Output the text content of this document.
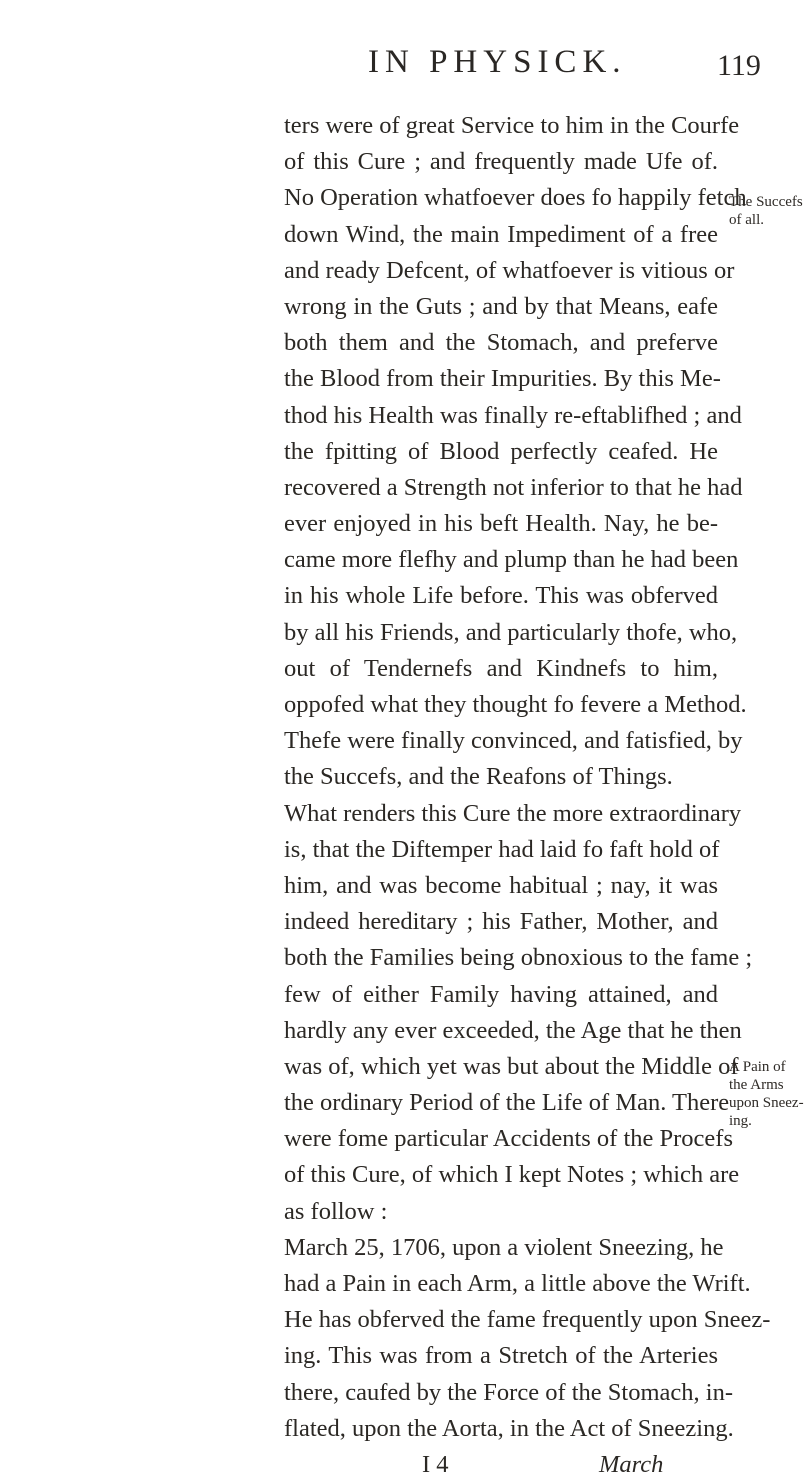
IN PHYSICK.	119
ters were of great Service to him in the Courfe
of this Cure ; and frequently made Ufe of.
No Operation whatfoever does fo happily fetch
down Wind, the main Impediment of a free
and ready Defcent, of whatfoever is vitious or
wrong in the Guts ; and by that Means, eafe
both them and the Stomach, and preferve
the Blood from their Impurities. By this Me-
thod his Health was finally re-eftablifhed ; and
the fpitting of Blood perfectly ceafed. He
recovered a Strength not inferior to that he had
ever enjoyed in his beft Health. Nay, he be-
came more flefhy and plump than he had been
in his whole Life before. This was obferved
by all his Friends, and particularly thofe, who,
out of Tendernefs and Kindnefs to him,
oppofed what they thought fo fevere a Method.
Thefe were finally convinced, and fatisfied, by
the Succefs, and the Reafons of Things.
What renders this Cure the more extraordinary
is, that the Diftemper had laid fo faft hold of
him, and was become habitual ; nay, it was
indeed hereditary ; his Father, Mother, and
both the Families being obnoxious to the fame ;
few of either Family having attained, and
hardly any ever exceeded, the Age that he then
was of, which yet was but about the Middle of
the ordinary Period of the Life of Man. There
were fome particular Accidents of the Procefs
of this Cure, of which I kept Notes ; which are
as follow :
March 25, 1706, upon a violent Sneezing, he
had a Pain in each Arm, a little above the Wrift.
He has obferved the fame frequently upon Sneez-
ing. This was from a Stretch of the Arteries
there, caufed by the Force of the Stomach, in-
flated, upon the Aorta, in the Act of Sneezing.
I 4	March
The Succefs
of all.
A Pain of
the Arms
upon Sneez-
ing.
